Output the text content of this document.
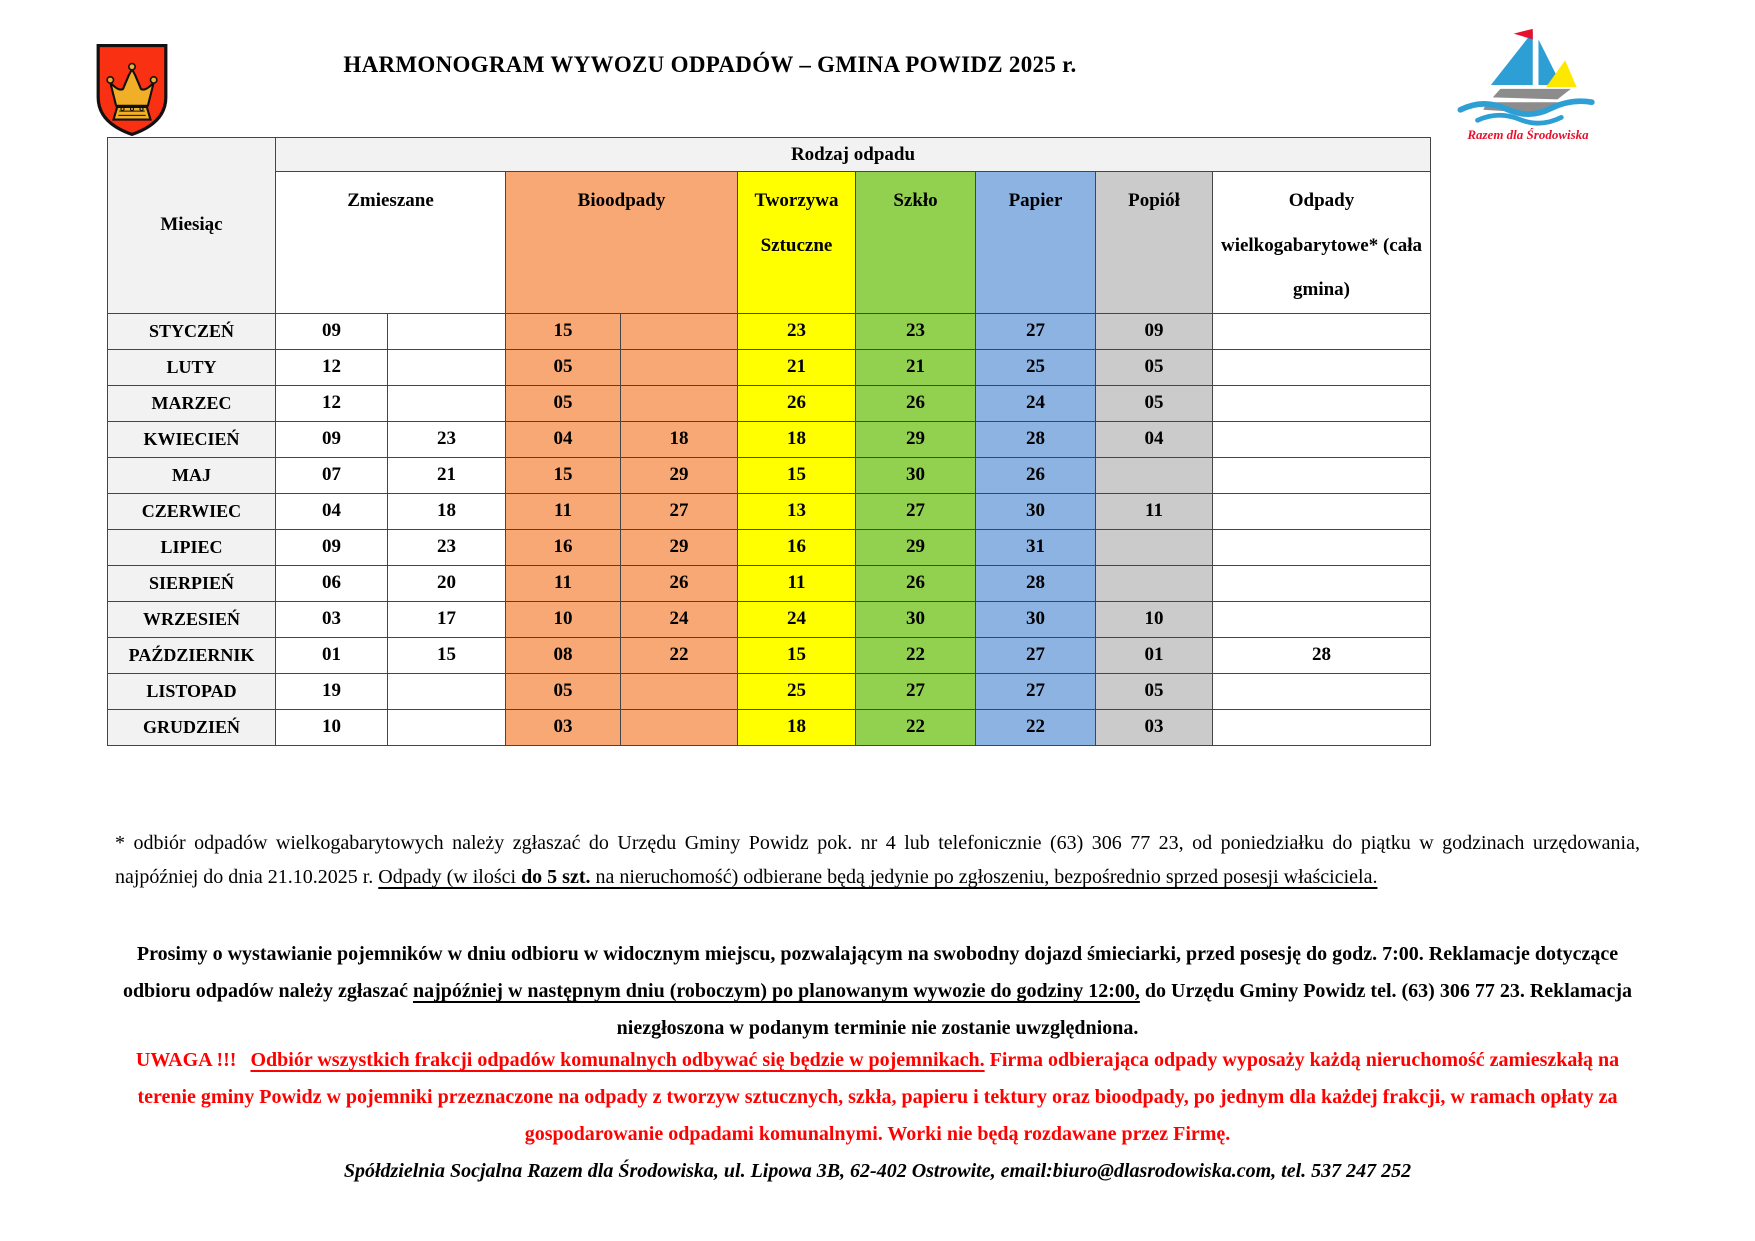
HARMONOGRAM WYWOZU ODPADÓW – GMINA POWIDZ 2025 r.
Razem dla Środowiska
Miesiąc	Rodzaj odpadu								
	Zmieszane		Bioodpady		Tworzywa Sztuczne	Szkło	Papier	Popiół	Odpady wielkogabarytowe* (cała gmina)
STYCZEŃ	09		15		23	23	27	09	
LUTY	12		05		21	21	25	05	
MARZEC	12		05		26	26	24	05	
KWIECIEŃ	09	23	04	18	18	29	28	04	
MAJ	07	21	15	29	15	30	26		
CZERWIEC	04	18	11	27	13	27	30	11	
LIPIEC	09	23	16	29	16	29	31		
SIERPIEŃ	06	20	11	26	11	26	28		
WRZESIEŃ	03	17	10	24	24	30	30	10	
PAŹDZIERNIK	01	15	08	22	15	22	27	01	28
LISTOPAD	19		05		25	27	27	05	
GRUDZIEŃ	10		03		18	22	22	03	

* odbiór odpadów wielkogabarytowych należy zgłaszać do Urzędu Gminy Powidz pok. nr 4 lub telefonicznie (63) 306 77 23, od poniedziałku do piątku w godzinach urzędowania, najpóźniej do dnia 21.10.2025 r. Odpady (w ilości do 5 szt. na nieruchomość) odbierane będą jedynie po zgłoszeniu, bezpośrednio sprzed posesji właściciela.

Prosimy o wystawianie pojemników w dniu odbioru w widocznym miejscu, pozwalającym na swobodny dojazd śmieciarki, przed posesję do godz. 7:00. Reklamacje dotyczące odbioru odpadów należy zgłaszać najpóźniej w następnym dniu (roboczym) po planowanym wywozie do godziny 12:00, do Urzędu Gminy Powidz tel. (63) 306 77 23. Reklamacja niezgłoszona w podanym terminie nie zostanie uwzględniona.

UWAGA !!! Odbiór wszystkich frakcji odpadów komunalnych odbywać się będzie w pojemnikach. Firma odbierająca odpady wyposaży każdą nieruchomość zamieszkałą na terenie gminy Powidz w pojemniki przeznaczone na odpady z tworzyw sztucznych, szkła, papieru i tektury oraz bioodpady, po jednym dla każdej frakcji, w ramach opłaty za gospodarowanie odpadami komunalnymi. Worki nie będą rozdawane przez Firmę.

Spółdzielnia Socjalna Razem dla Środowiska, ul. Lipowa 3B, 62-402 Ostrowite, email:biuro@dlasrodowiska.com, tel. 537 247 252
